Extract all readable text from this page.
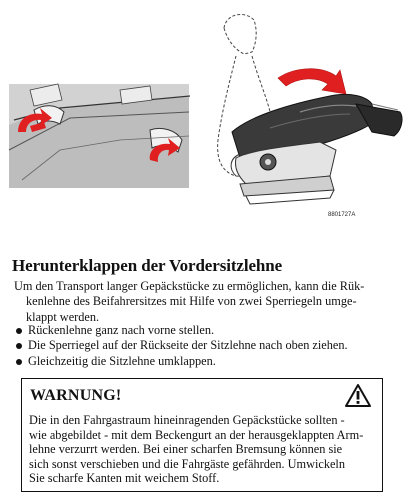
8801727A
Herunterklappen der Vordersitzlehne

Um den Transport langer Gepäckstücke zu ermöglichen, kann die Rük-
kenlehne des Beifahrersitzes mit Hilfe von zwei Sperriegeln umge-
klappt werden.

Rückenlehne ganz nach vorne stellen.
Die Sperriegel auf der Rückseite der Sitzlehne nach oben ziehen.
Gleichzeitig die Sitzlehne umklappen.
WARNUNG!

Die in den Fahrgastraum hineinragenden Gepäckstücke sollten -
wie abgebildet - mit dem Beckengurt an der herausgeklappten Arm-
lehne verzurrt werden. Bei einer scharfen Bremsung können sie
sich sonst verschieben und die Fahrgäste gefährden. Umwickeln
Sie scharfe Kanten mit weichem Stoff.
